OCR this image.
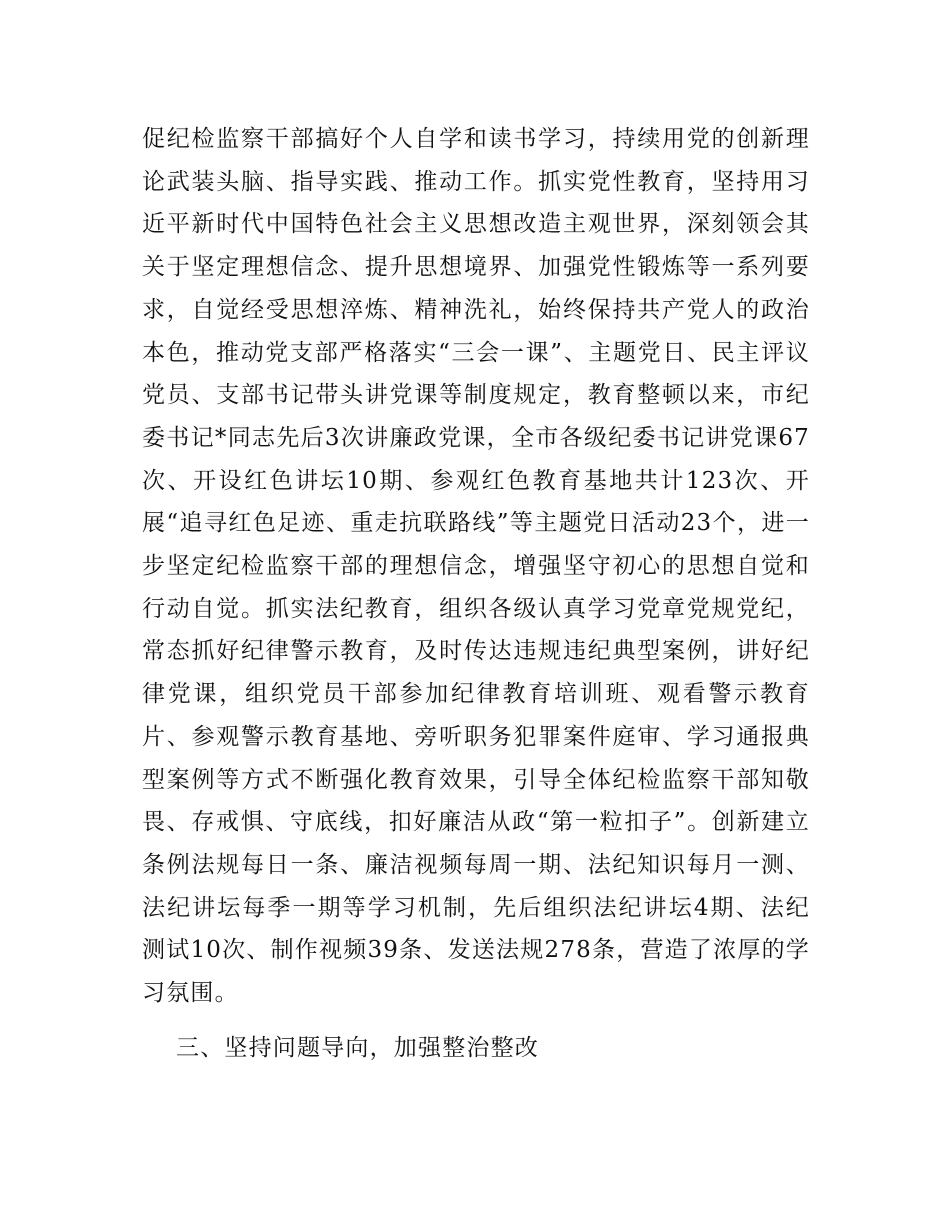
促纪检监察干部搞好个人自学和读书学习，持续用党的创新理论武装头脑、指导实践、推动工作。抓实党性教育，坚持用习近平新时代中国特色社会主义思想改造主观世界，深刻领会其关于坚定理想信念、提升思想境界、加强党性锻炼等一系列要求，自觉经受思想淬炼、精神洗礼，始终保持共产党人的政治本色，推动党支部严格落实“三会一课”、主题党日、民主评议党员、支部书记带头讲党课等制度规定，教育整顿以来，市纪委书记*同志先后3次讲廉政党课，全市各级纪委书记讲党课67次、开设红色讲坛10期、参观红色教育基地共计123次、开展“追寻红色足迹、重走抗联路线”等主题党日活动23个，进一步坚定纪检监察干部的理想信念，增强坚守初心的思想自觉和行动自觉。抓实法纪教育，组织各级认真学习党章党规党纪，常态抓好纪律警示教育，及时传达违规违纪典型案例，讲好纪律党课，组织党员干部参加纪律教育培训班、观看警示教育片、参观警示教育基地、旁听职务犯罪案件庭审、学习通报典型案例等方式不断强化教育效果，引导全体纪检监察干部知敬畏、存戒惧、守底线，扣好廉洁从政“第一粒扣子”。创新建立条例法规每日一条、廉洁视频每周一期、法纪知识每月一测、法纪讲坛每季一期等学习机制，先后组织法纪讲坛4期、法纪测试10次、制作视频39条、发送法规278条，营造了浓厚的学习氛围。

三、坚持问题导向，加强整治整改
